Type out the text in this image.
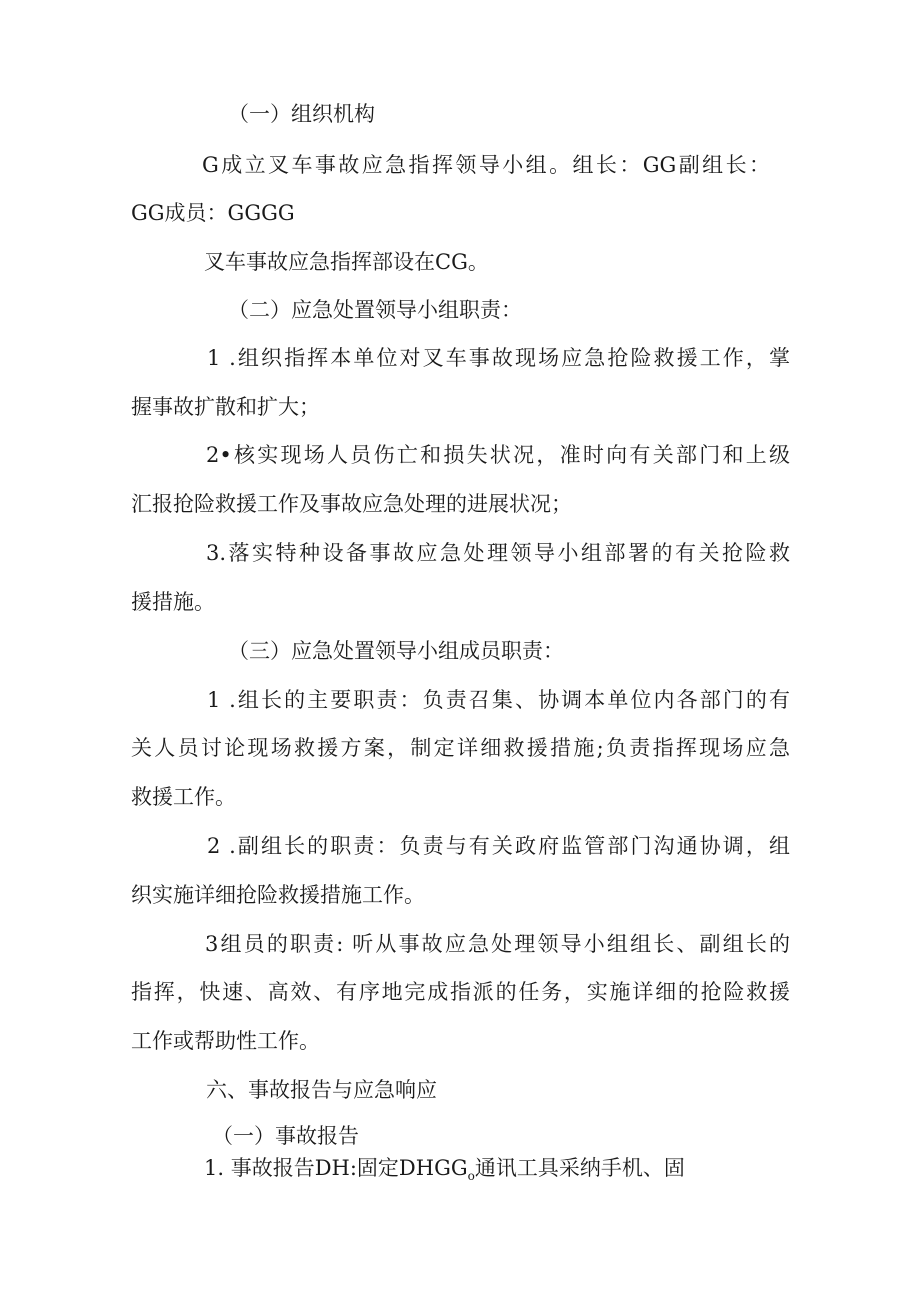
（一）组织机构
G成立叉车事故应急指挥领导小组。组长：GG副组长：
GG成员：GGGG
叉车事故应急指挥部设在CG。
（二）应急处置领导小组职责：
1 .组织指挥本单位对叉车事故现场应急抢险救援工作，掌
握事故扩散和扩大；
2•核实现场人员伤亡和损失状况，准时向有关部门和上级
汇报抢险救援工作及事故应急处理的进展状况；
3.落实特种设备事故应急处理领导小组部署的有关抢险救
援措施。
（三）应急处置领导小组成员职责：
1 .组长的主要职责：负责召集、协调本单位内各部门的有
关人员讨论现场救援方案，制定详细救援措施;负责指挥现场应急
救援工作。
2 .副组长的职责：负责与有关政府监管部门沟通协调，组
织实施详细抢险救援措施工作。
3组员的职责: 听从事故应急处理领导小组组长、副组长的
指挥，快速、高效、有序地完成指派的任务，实施详细的抢险救援
工作或帮助性工作。
六、事故报告与应急响应
（一）事故报告
1. 事故报告DH:固定$DHGG_o$通讯工具采纳手机、固
